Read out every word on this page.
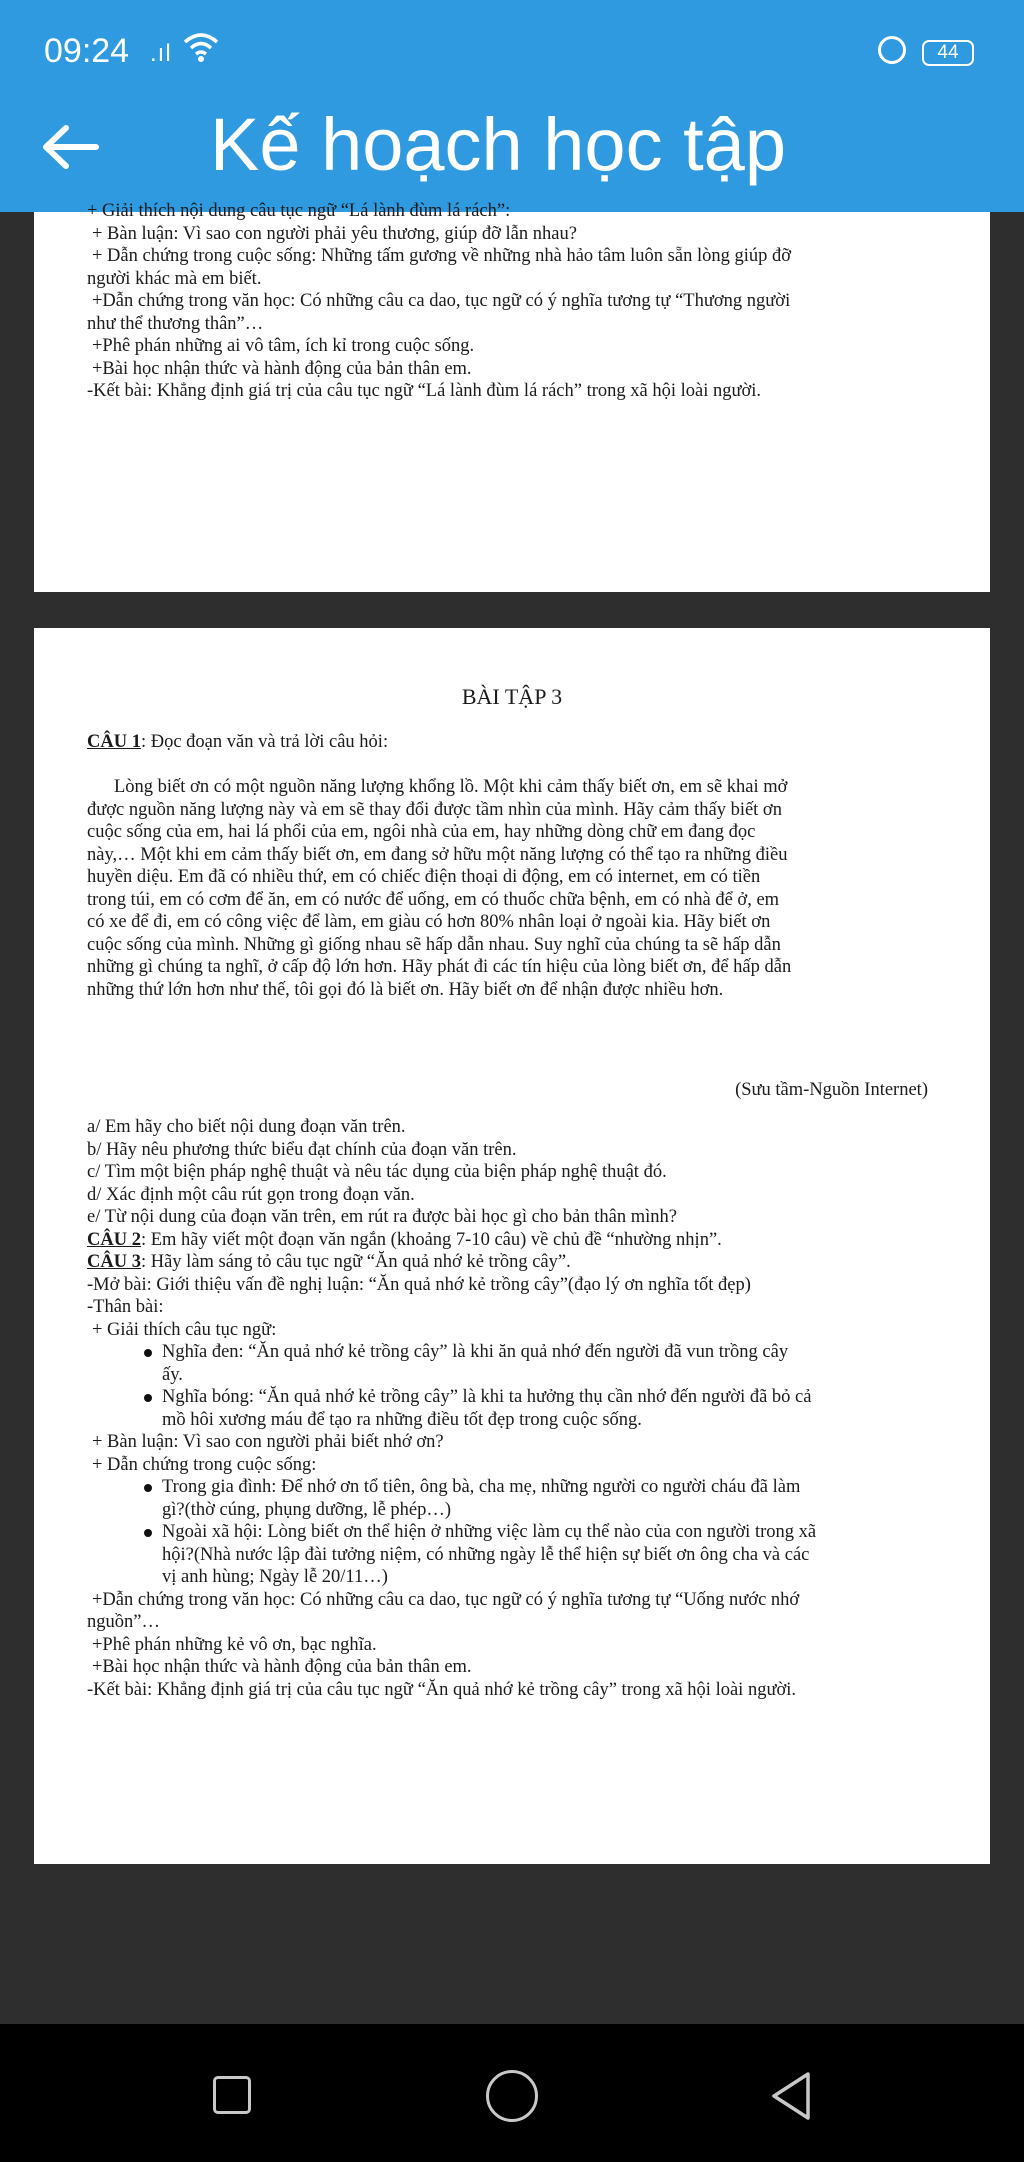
09:24 .ıl	44
Kế hoạch học tập
+ Giải thích nội dung câu tục ngữ “Lá lành đùm lá rách”:
+ Bàn luận: Vì sao con người phải yêu thương, giúp đỡ lẫn nhau?
+ Dẫn chứng trong cuộc sống: Những tấm gương về những nhà hảo tâm luôn sẵn lòng giúp đỡ
người khác mà em biết.
+Dẫn chứng trong văn học: Có những câu ca dao, tục ngữ có ý nghĩa tương tự “Thương người
như thể thương thân”…
+Phê phán những ai vô tâm, ích kỉ trong cuộc sống.
+Bài học nhận thức và hành động của bản thân em.
-Kết bài: Khẳng định giá trị của câu tục ngữ “Lá lành đùm lá rách” trong xã hội loài người.
BÀI TẬP 3
CÂU 1: Đọc đoạn văn và trả lời câu hỏi:
(Sưu tầm-Nguồn Internet)
Lòng biết ơn có một nguồn năng lượng khổng lồ. Một khi cảm thấy biết ơn, em sẽ khai mở
được nguồn năng lượng này và em sẽ thay đổi được tầm nhìn của mình. Hãy cảm thấy biết ơn
cuộc sống của em, hai lá phổi của em, ngôi nhà của em, hay những dòng chữ em đang đọc
này,… Một khi em cảm thấy biết ơn, em đang sở hữu một năng lượng có thể tạo ra những điều
huyền diệu. Em đã có nhiều thứ, em có chiếc điện thoại di động, em có internet, em có tiền
trong túi, em có cơm để ăn, em có nước để uống, em có thuốc chữa bệnh, em có nhà để ở, em
có xe để đi, em có công việc để làm, em giàu có hơn 80% nhân loại ở ngoài kia. Hãy biết ơn
cuộc sống của mình. Những gì giống nhau sẽ hấp dẫn nhau. Suy nghĩ của chúng ta sẽ hấp dẫn
những gì chúng ta nghĩ, ở cấp độ lớn hơn. Hãy phát đi các tín hiệu của lòng biết ơn, để hấp dẫn
những thứ lớn hơn như thế, tôi gọi đó là biết ơn. Hãy biết ơn để nhận được nhiều hơn.
a/ Em hãy cho biết nội dung đoạn văn trên.
b/ Hãy nêu phương thức biểu đạt chính của đoạn văn trên.
c/ Tìm một biện pháp nghệ thuật và nêu tác dụng của biện pháp nghệ thuật đó.
d/ Xác định một câu rút gọn trong đoạn văn.
e/ Từ nội dung của đoạn văn trên, em rút ra được bài học gì cho bản thân mình?
CÂU 2: Em hãy viết một đoạn văn ngắn (khoảng 7-10 câu) về chủ đề “nhường nhịn”.
CÂU 3: Hãy làm sáng tỏ câu tục ngữ “Ăn quả nhớ kẻ trồng cây”.
-Mở bài: Giới thiệu vấn đề nghị luận: “Ăn quả nhớ kẻ trồng cây”(đạo lý ơn nghĩa tốt đẹp)
-Thân bài:
+ Giải thích câu tục ngữ:
Nghĩa đen: “Ăn quả nhớ kẻ trồng cây” là khi ăn quả nhớ đến người đã vun trồng cây
ấy.
Nghĩa bóng: “Ăn quả nhớ kẻ trồng cây” là khi ta hưởng thụ cần nhớ đến người đã bỏ cả
mồ hôi xương máu để tạo ra những điều tốt đẹp trong cuộc sống.
+ Bàn luận: Vì sao con người phải biết nhớ ơn?
+ Dẫn chứng trong cuộc sống:
Trong gia đình: Để nhớ ơn tổ tiên, ông bà, cha mẹ, những người co người cháu đã làm
gì?(thờ cúng, phụng dưỡng, lễ phép…)
Ngoài xã hội: Lòng biết ơn thể hiện ở những việc làm cụ thể nào của con người trong xã
hội?(Nhà nước lập đài tưởng niệm, có những ngày lễ thể hiện sự biết ơn ông cha và các
vị anh hùng; Ngày lễ 20/11…)
+Dẫn chứng trong văn học: Có những câu ca dao, tục ngữ có ý nghĩa tương tự “Uống nước nhớ
nguồn”…
+Phê phán những kẻ vô ơn, bạc nghĩa.
+Bài học nhận thức và hành động của bản thân em.
-Kết bài: Khẳng định giá trị của câu tục ngữ “Ăn quả nhớ kẻ trồng cây” trong xã hội loài người.
